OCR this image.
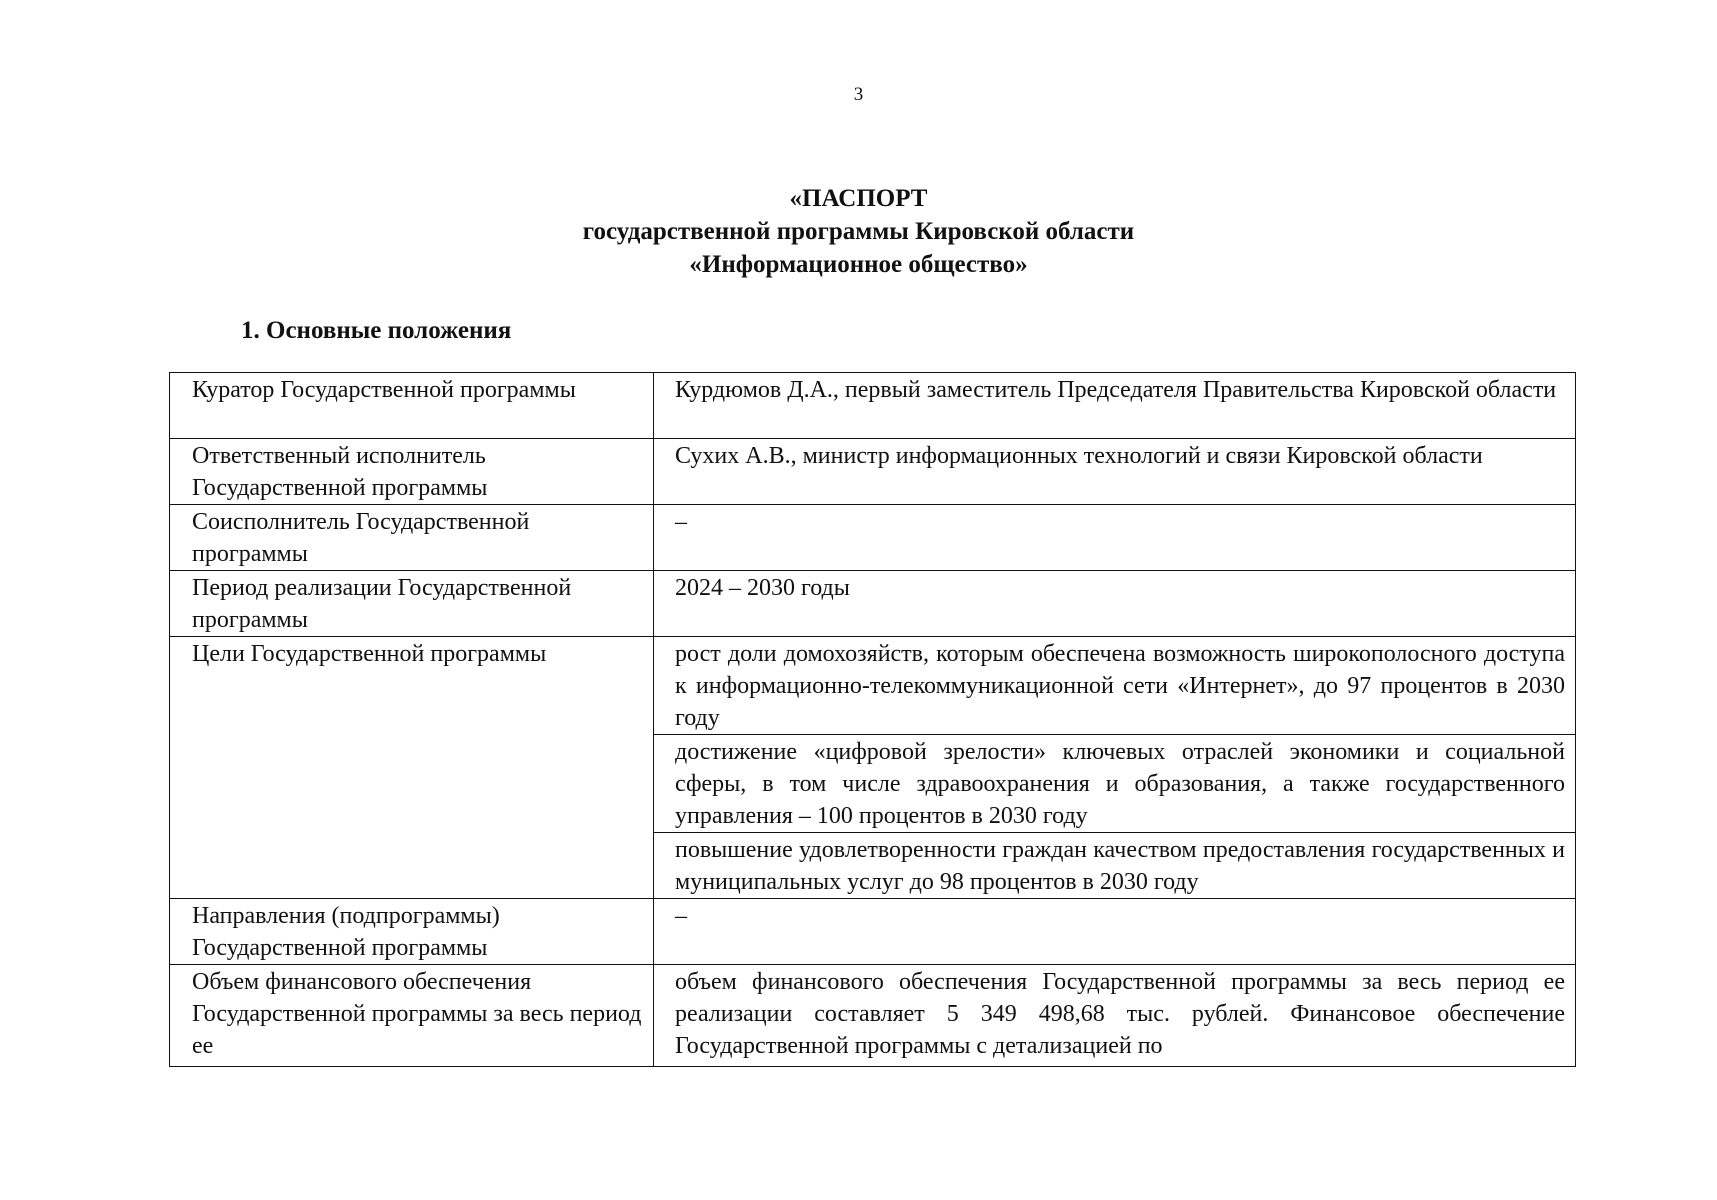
3
«ПАСПОРТ
государственной программы Кировской области
«Информационное общество»
1. Основные положения
Куратор Государственной программы	Курдюмов Д.А., первый заместитель Председателя Правительства Кировской области
Ответственный исполнитель Государственной программы	Сухих А.В., министр информационных технологий и связи Кировской области
Соисполнитель Государственной программы	–
Период реализации Государственной программы	2024 – 2030 годы
Цели Государственной программы	рост доли домохозяйств, которым обеспечена возможность широкополосного доступа к информационно-телекоммуникационной сети «Интернет», до 97 процентов в 2030 году
	достижение «цифровой зрелости» ключевых отраслей экономики и социальной сферы, в том числе здравоохранения и образования, а также государственного управления – 100 процентов в 2030 году
	повышение удовлетворенности граждан качеством предоставления государственных и муниципальных услуг до 98 процентов в 2030 году
Направления (подпрограммы) Государственной программы	–
Объем финансового обеспечения Государственной программы за весь период ее	объем финансового обеспечения Государственной программы за весь период ее реализации составляет 5 349 498,68 тыс. рублей. Финансовое обеспечение Государственной программы с детализацией по
